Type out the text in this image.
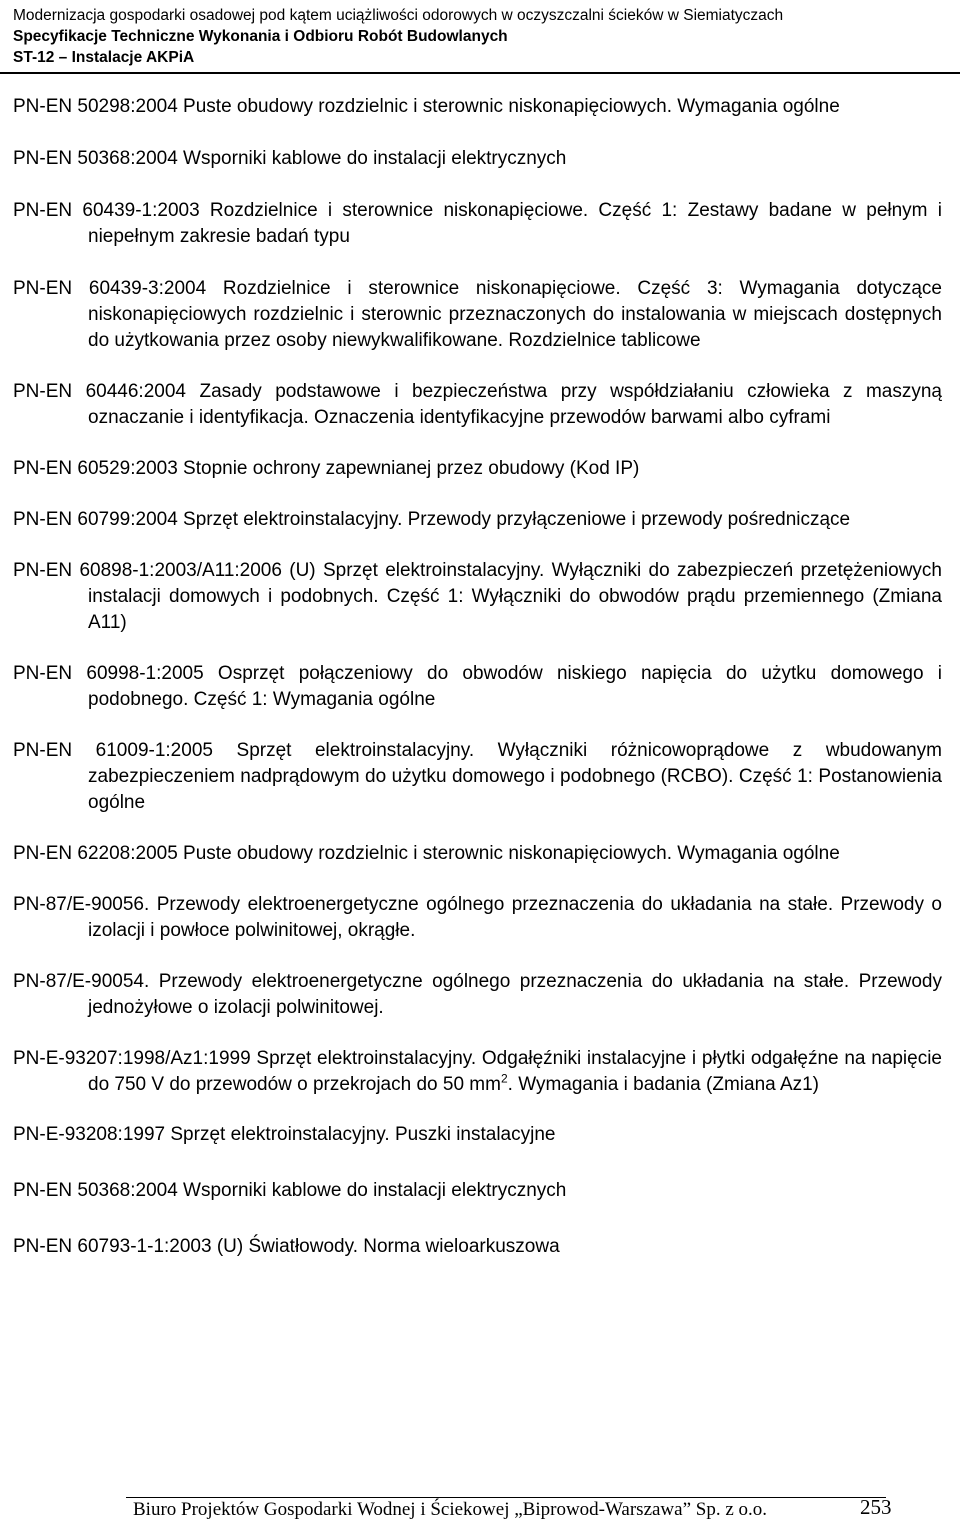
Modernizacja gospodarki osadowej pod kątem uciążliwości odorowych w oczyszczalni ścieków w Siemiatyczach
Specyfikacje Techniczne Wykonania i Odbioru Robót Budowlanych
ST-12 – Instalacje AKPiA

PN-EN 50298:2004 Puste obudowy rozdzielnic i sterownic niskonapięciowych. Wymagania ogólne

PN-EN 50368:2004 Wsporniki kablowe do instalacji elektrycznych

PN-EN 60439-1:2003 Rozdzielnice i sterownice niskonapięciowe. Część 1: Zestawy badane w pełnym i niepełnym zakresie badań typu

PN-EN 60439-3:2004 Rozdzielnice i sterownice niskonapięciowe. Część 3: Wymagania dotyczące niskonapięciowych rozdzielnic i sterownic przeznaczonych do instalowania w miejscach dostępnych do użytkowania przez osoby niewykwalifikowane. Rozdzielnice tablicowe

PN-EN 60446:2004 Zasady podstawowe i bezpieczeństwa przy współdziałaniu człowieka z maszyną oznaczanie i identyfikacja. Oznaczenia identyfikacyjne przewodów barwami albo cyframi

PN-EN 60529:2003 Stopnie ochrony zapewnianej przez obudowy (Kod IP)

PN-EN 60799:2004 Sprzęt elektroinstalacyjny. Przewody przyłączeniowe i przewody pośredniczące

PN-EN 60898-1:2003/A11:2006 (U) Sprzęt elektroinstalacyjny. Wyłączniki do zabezpieczeń przetężeniowych instalacji domowych i podobnych. Część 1: Wyłączniki do obwodów prądu przemiennego (Zmiana A11)

PN-EN 60998-1:2005 Osprzęt połączeniowy do obwodów niskiego napięcia do użytku domowego i podobnego. Część 1: Wymagania ogólne

PN-EN 61009-1:2005 Sprzęt elektroinstalacyjny. Wyłączniki różnicowoprądowe z wbudowanym zabezpieczeniem nadprądowym do użytku domowego i podobnego (RCBO). Część 1: Postanowienia ogólne

PN-EN 62208:2005 Puste obudowy rozdzielnic i sterownic niskonapięciowych. Wymagania ogólne

PN-87/E-90056. Przewody elektroenergetyczne ogólnego przeznaczenia do układania na stałe. Przewody o izolacji i powłoce polwinitowej, okrągłe.

PN-87/E-90054. Przewody elektroenergetyczne ogólnego przeznaczenia do układania na stałe. Przewody jednożyłowe o izolacji polwinitowej.

PN-E-93207:1998/Az1:1999 Sprzęt elektroinstalacyjny. Odgałęźniki instalacyjne i płytki odgałęźne na napięcie do 750 V do przewodów o przekrojach do 50 $mm^2$. Wymagania i badania (Zmiana Az1)

PN-E-93208:1997 Sprzęt elektroinstalacyjny. Puszki instalacyjne

PN-EN 50368:2004 Wsporniki kablowe do instalacji elektrycznych

PN-EN 60793-1-1:2003 (U) Światłowody. Norma wieloarkuszowa

Biuro Projektów Gospodarki Wodnej i Ściekowej „Biprowod-Warszawa” Sp. z o.o.	253
